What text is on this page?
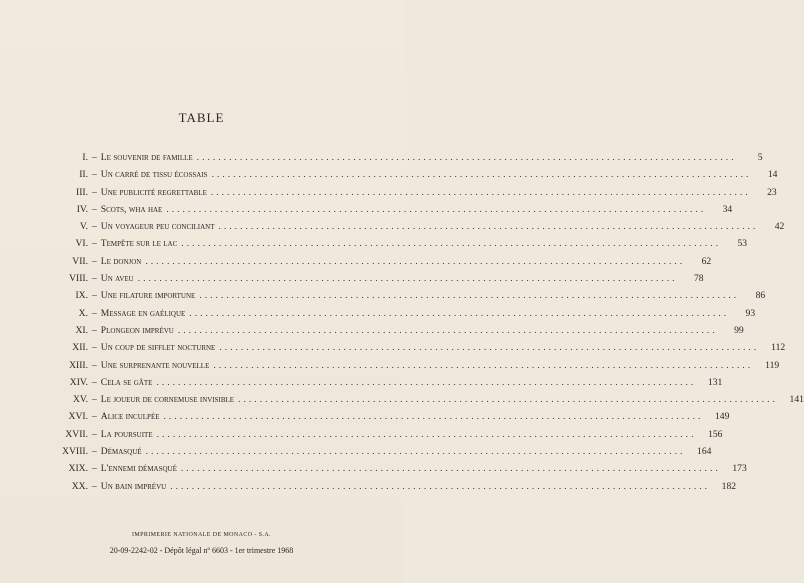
TABLE
I. – Le souvenir de famille ....................................................................................................	5
II. – Un carré de tissu écossais ....................................................................................................	14
III. – Une publicité regrettable ....................................................................................................	23
IV. – Scots, wha hae ....................................................................................................	34
V. – Un voyageur peu conciliant ....................................................................................................	42
VI. – Tempête sur le lac ....................................................................................................	53
VII. – Le donjon ....................................................................................................	62
VIII. – Un aveu ....................................................................................................	78
IX. – Une filature importune ....................................................................................................	86
X. – Message en gaélique ....................................................................................................	93
XI. – Plongeon imprévu ....................................................................................................	99
XII. – Un coup de sifflet nocturne ....................................................................................................	112
XIII. – Une surprenante nouvelle ....................................................................................................	119
XIV. – Cela se gâte ....................................................................................................	131
XV. – Le joueur de cornemuse invisible ....................................................................................................	141
XVI. – Alice inculpée ....................................................................................................	149
XVII. – La poursuite ....................................................................................................	156
XVIII. – Démasqué ....................................................................................................	164
XIX. – L'ennemi démasqué ....................................................................................................	173
XX. – Un bain imprévu ....................................................................................................	182
IMPRIMERIE NATIONALE DE MONACO - S.A.
20-09-2242-02 - Dépôt légal nº 6603 - 1er trimestre 1968
